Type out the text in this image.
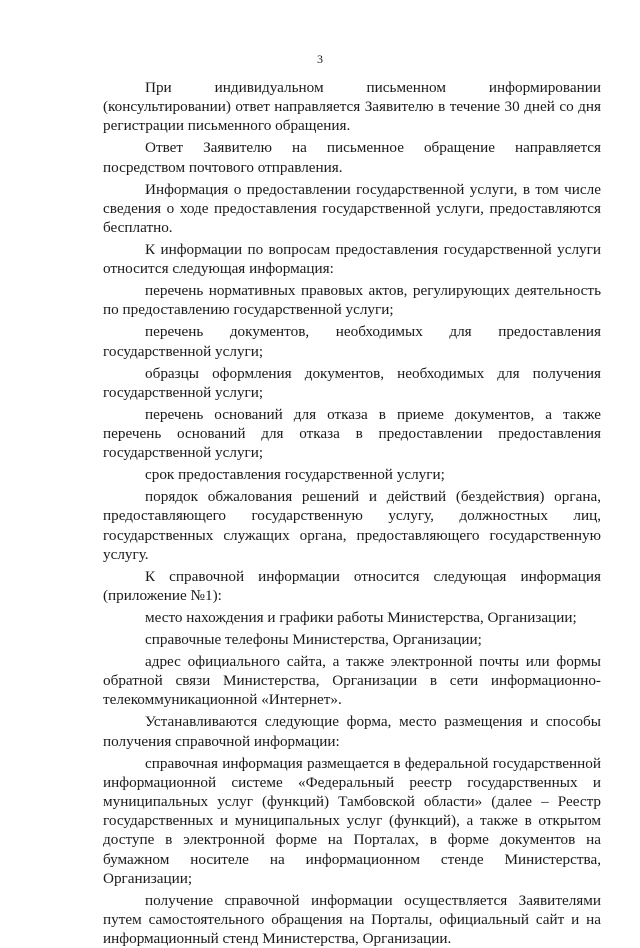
3

При индивидуальном письменном информировании (консультировании) ответ направляется Заявителю в течение 30 дней со дня регистрации письменного обращения.

Ответ Заявителю на письменное обращение направляется посредством почтового отправления.

Информация о предоставлении государственной услуги, в том числе сведения о ходе предоставления государственной услуги, предоставляются бесплатно.

К информации по вопросам предоставления государственной услуги относится следующая информация:

перечень нормативных правовых актов, регулирующих деятельность по предоставлению государственной услуги;

перечень документов, необходимых для предоставления государственной услуги;

образцы оформления документов, необходимых для получения государственной услуги;

перечень оснований для отказа в приеме документов, а также перечень оснований для отказа в предоставлении предоставления государственной услуги;

срок предоставления государственной услуги;

порядок обжалования решений и действий (бездействия) органа, предоставляющего государственную услугу, должностных лиц, государственных служащих органа, предоставляющего государственную услугу.

К справочной информации относится следующая информация (приложение №1):

место нахождения и графики работы Министерства, Организации;

справочные телефоны Министерства, Организации;

адрес официального сайта, а также электронной почты или формы обратной связи Министерства, Организации в сети информационно-телекоммуникационной «Интернет».

Устанавливаются следующие форма, место размещения и способы получения справочной информации:

справочная информация размещается в федеральной государственной информационной системе «Федеральный реестр государственных и муниципальных услуг (функций) Тамбовской области» (далее – Реестр государственных и муниципальных услуг (функций), а также в открытом доступе в электронной форме на Порталах, в форме документов на бумажном носителе на информационном стенде Министерства, Организации;

получение справочной информации осуществляется Заявителями путем самостоятельного обращения на Порталы, официальный сайт и на информационный стенд Министерства, Организации.
